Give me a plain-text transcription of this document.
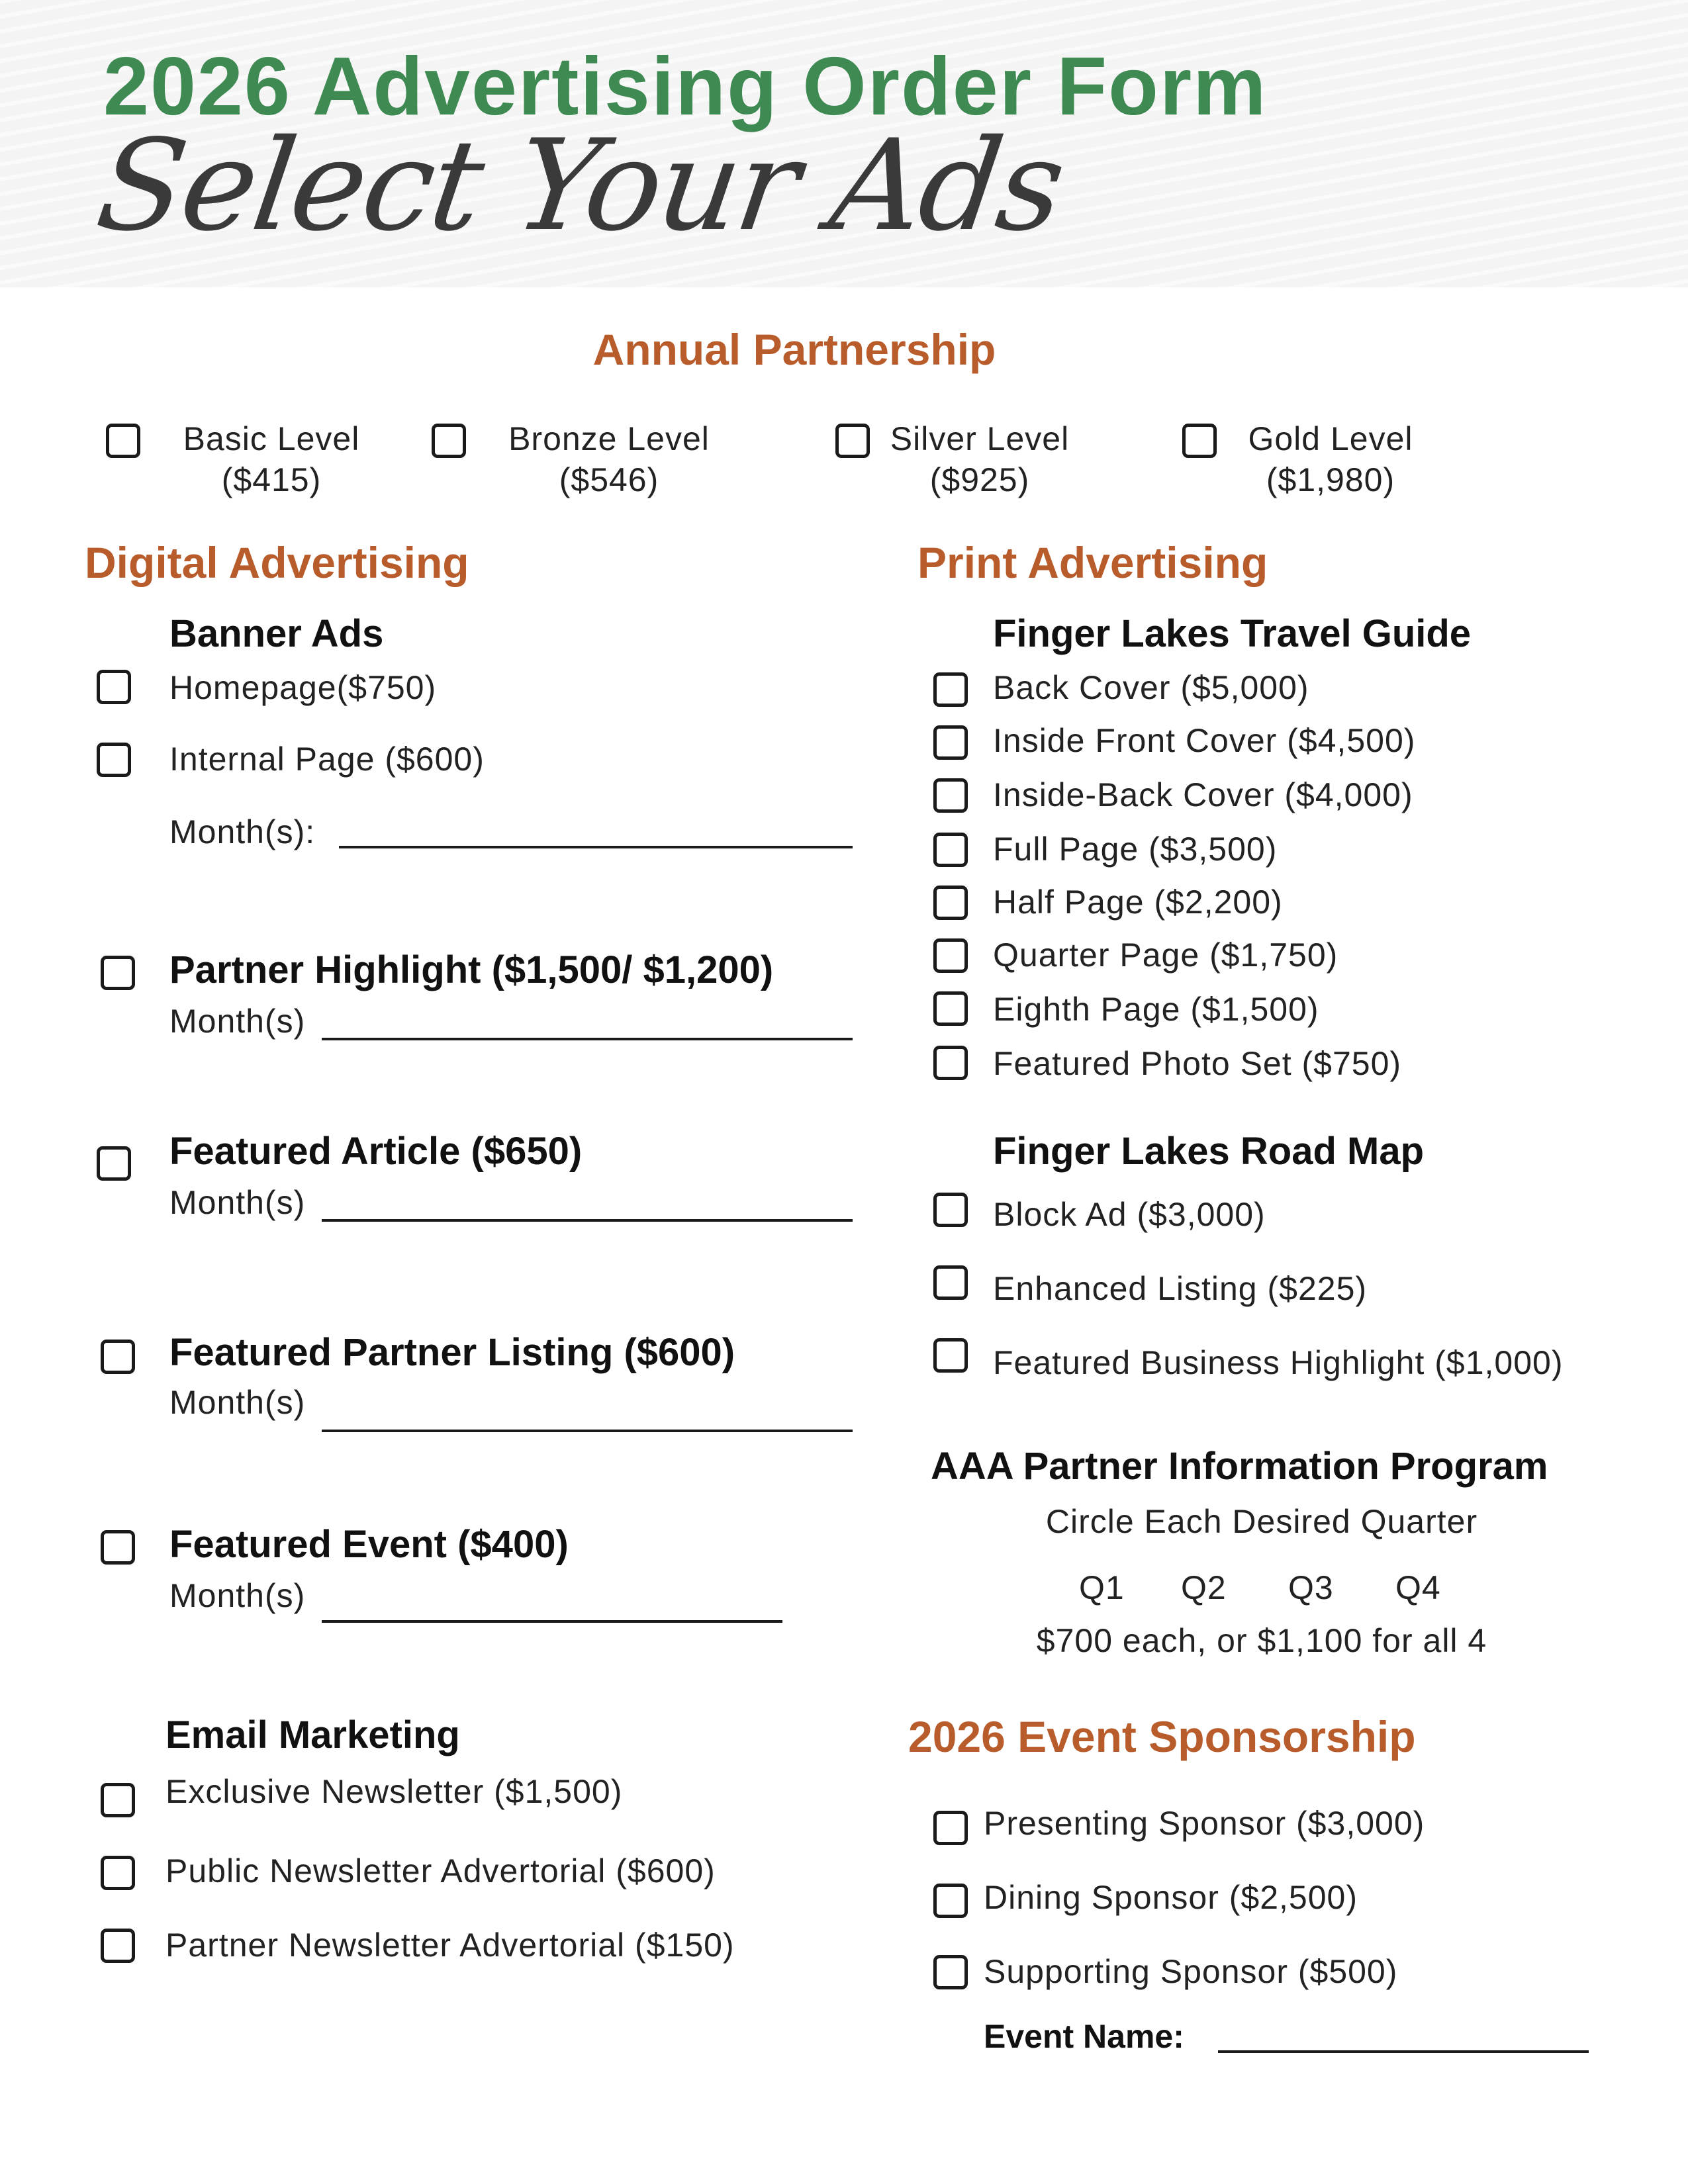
2026 Advertising Order Form
Select Your Ads
Annual Partnership
Basic Level
($415)
Bronze Level
($546)
Silver Level
($925)
Gold Level
($1,980)
Digital Advertising
Banner Ads
Homepage($750)
Internal Page ($600)
Month(s):
Partner Highlight ($1,500/ $1,200)
Month(s)
Featured Article ($650)
Month(s)
Featured Partner Listing ($600)
Month(s)
Featured Event ($400)
Month(s)
Email Marketing
Exclusive Newsletter ($1,500)
Public Newsletter Advertorial ($600)
Partner Newsletter Advertorial ($150)
Print Advertising
Finger Lakes Travel Guide
Back Cover ($5,000)
Inside Front Cover ($4,500)
Inside-Back Cover ($4,000)
Full Page ($3,500)
Half Page ($2,200)
Quarter Page ($1,750)
Eighth Page ($1,500)
Featured Photo Set ($750)
Finger Lakes Road Map
Block Ad ($3,000)
Enhanced Listing ($225)
Featured Business Highlight ($1,000)
AAA Partner Information Program
Circle Each Desired Quarter
Q1 Q2 Q3 Q4
$700 each, or $1,100 for all 4
2026 Event Sponsorship
Presenting Sponsor ($3,000)
Dining Sponsor ($2,500)
Supporting Sponsor ($500)
Event Name:
